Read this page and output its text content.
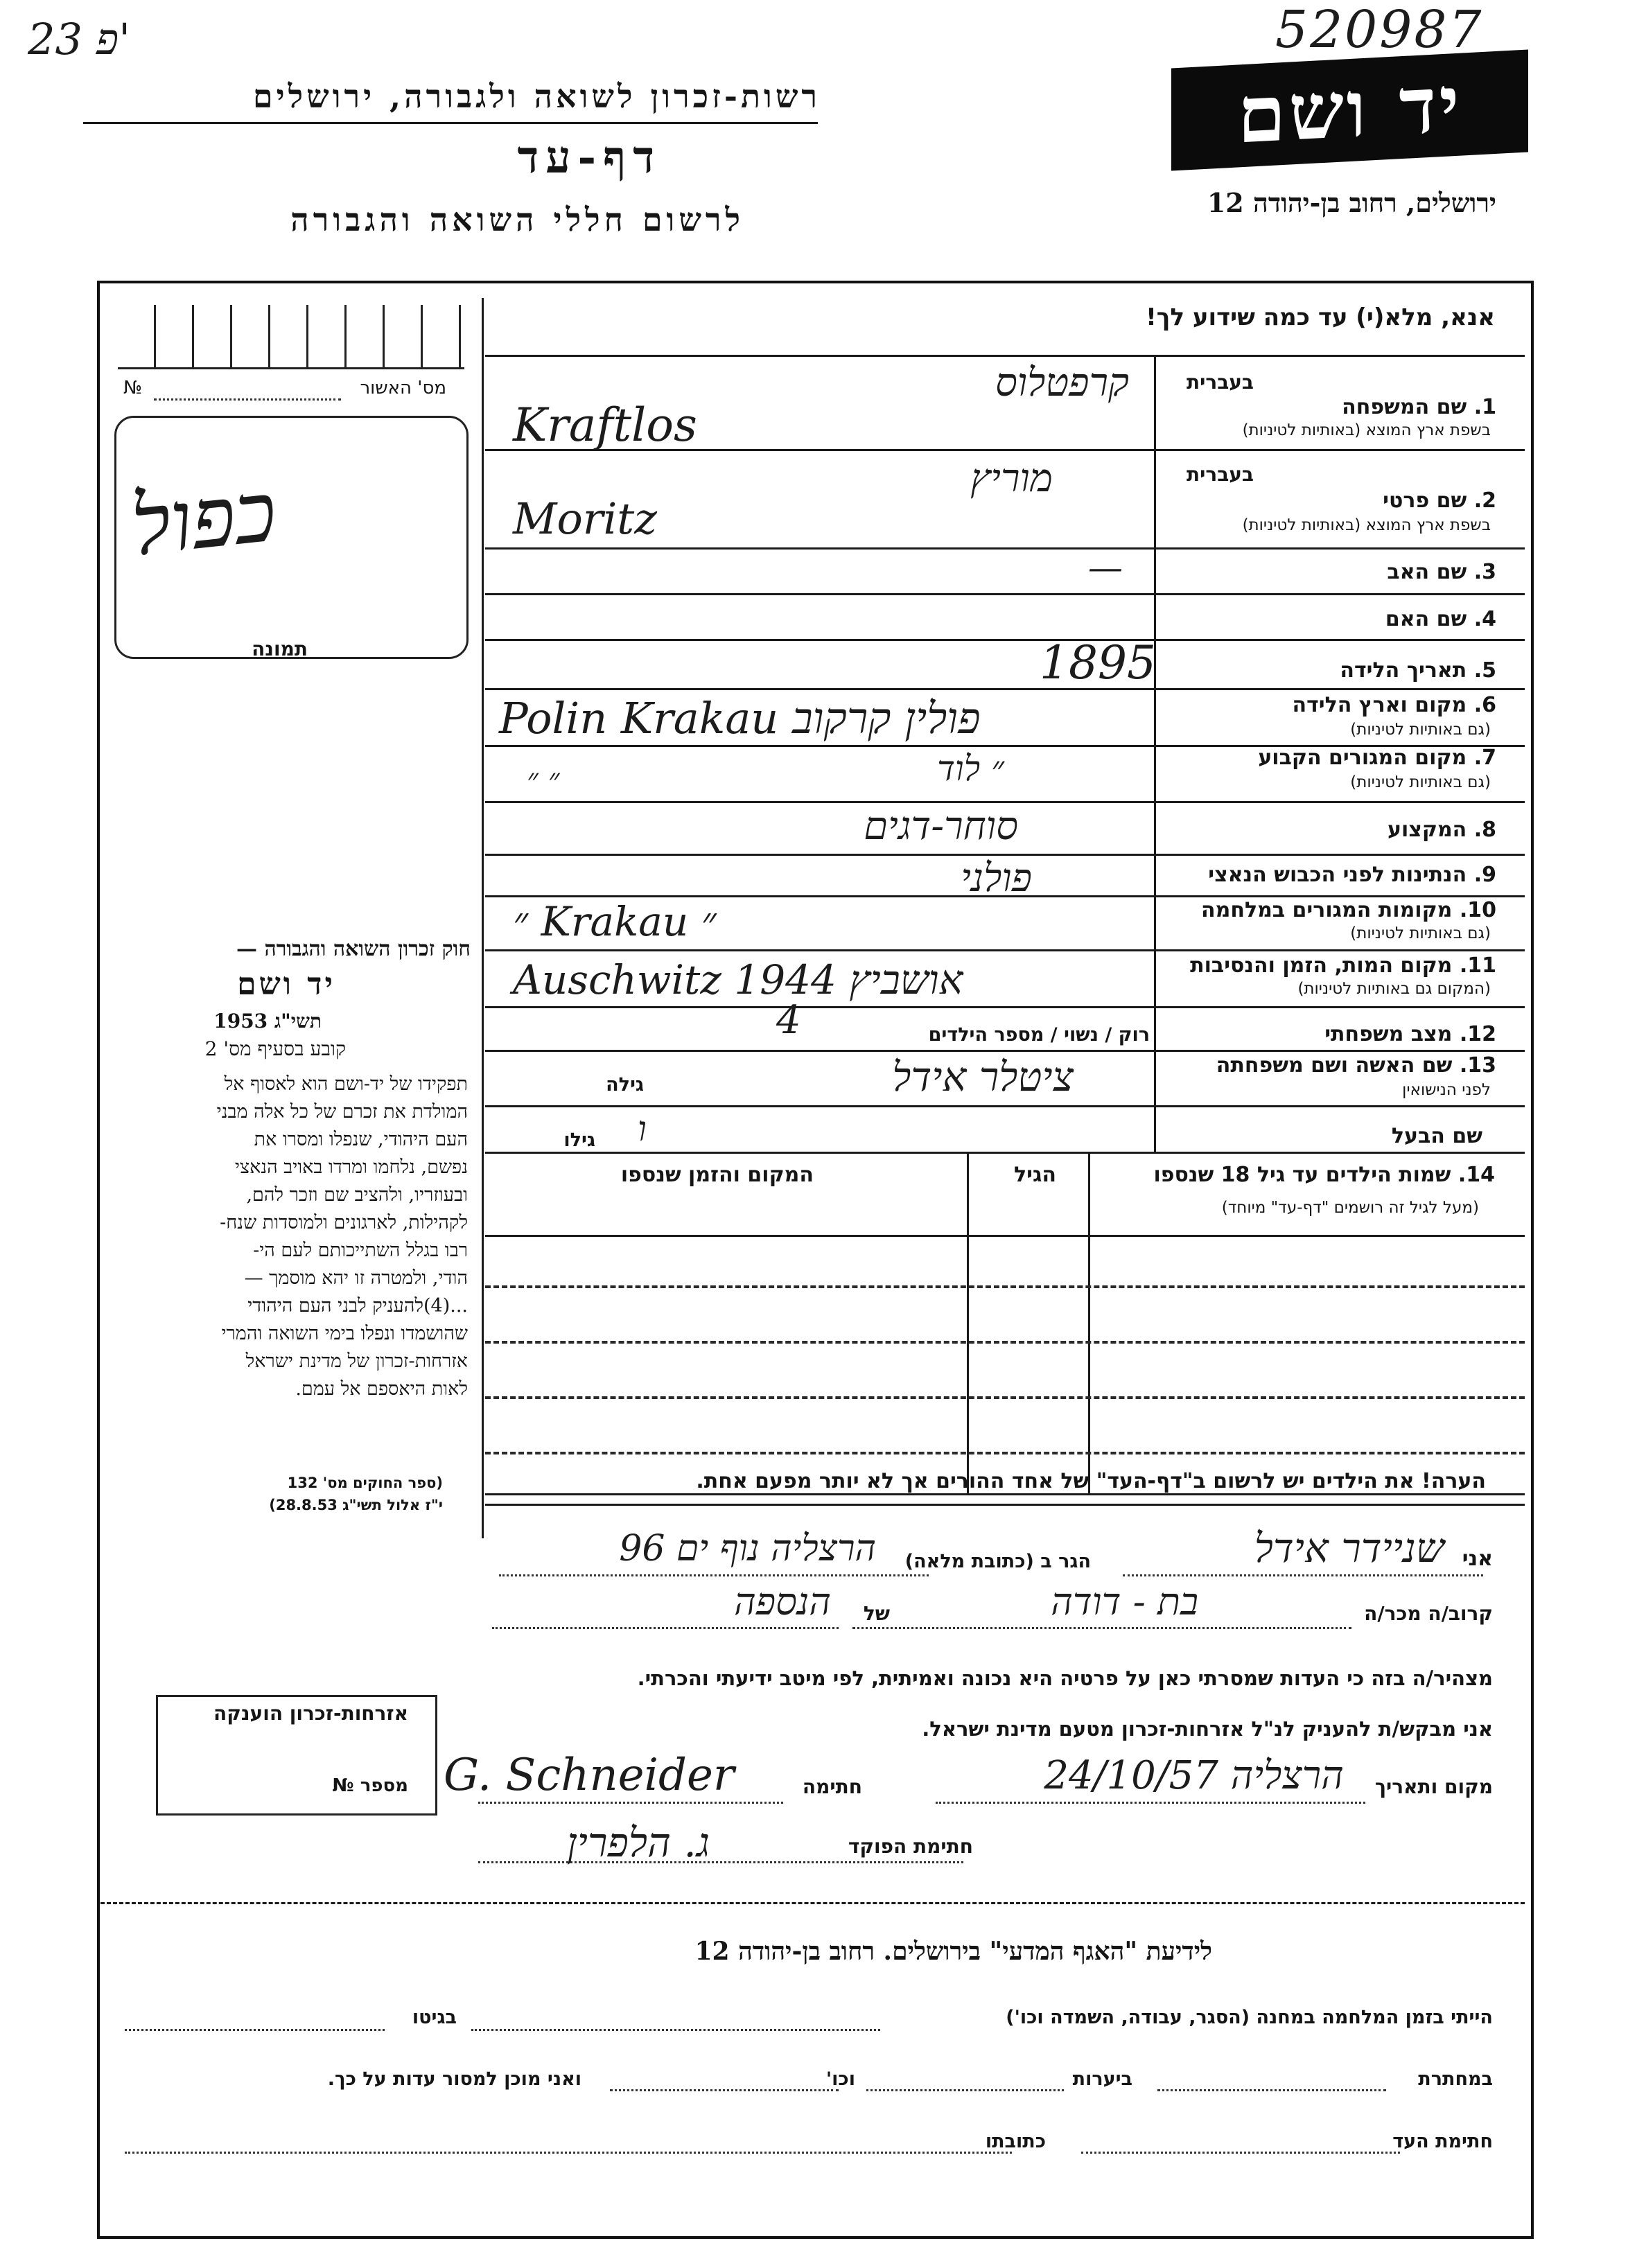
23 פ'	520987
רשות-זכרון לשואה ולגבורה, ירושלים
דף-עד
לרשום חללי השואה והגבורה
יד ושם
ירושלים, רחוב בן-יהודה 12
אנא, מלא(י) עד כמה שידוע לך!
מס' האשור
№
כפול
תמונה
חוק זכרון השואה והגבורה —
יד ושם
תשי"ג 1953
קובע בסעיף מס' 2
תפקידו של יד-ושם הוא לאסוף אל
המולדת את זכרם של כל אלה מבני
העם היהודי, שנפלו ומסרו את
נפשם, נלחמו ומרדו באויב הנאצי
ובעוזריו, ולהציב שם וזכר להם,
לקהילות, לארגונים ולמוסדות שנח-
רבו בגלל השתייכותם לעם הי-
הודי, ולמטרה זו יהא מוסמך —
...(4)להעניק לבני העם היהודי
שהושמדו ונפלו בימי השואה והמרי
אזרחות-זכרון של מדינת ישראל
לאות היאספם אל עמם.
(ספר החוקים מס' 132
י"ז אלול תשי"ג 28.8.53)
בעברית
1. שם המשפחה
בשפת ארץ המוצא (באותיות לטיניות)
קרפטלוס
Kraftlos
בעברית
2. שם פרטי
בשפת ארץ המוצא (באותיות לטיניות)
מוריץ
Moritz
3. שם האב
—
4. שם האם
5. תאריך הלידה
1895
6. מקום וארץ הלידה
(גם באותיות לטיניות)
Polin Krakau פולין קרקוב
7. מקום המגורים הקבוע
(גם באותיות לטיניות)
״ ״	״ לוד
8. המקצוע
סוחר-דגים
9. הנתינות לפני הכבוש הנאצי
פולני
10. מקומות המגורים במלחמה
(גם באותיות לטיניות)
״ Krakau ״
11. מקום המות, הזמן והנסיבות
(המקום גם באותיות לטיניות)
Auschwitz 1944 אושביץ
12. מצב משפחתי
רוק / נשוי / מספר הילדים
4
13. שם האשה ושם משפחתה
לפני הנישואין
גילה	ציטלר אידל
שם הבעל
גילו ו
14. שמות הילדים עד גיל 18 שנספו
(מעל לגיל זה רושמים "דף-עד" מיוחד)
הגיל
המקום והזמן שנספו
הערה! את הילדים יש לרשום ב"דף-העד" של אחד ההורים אך לא יותר מפעם אחת.
אזרחות-זכרון הוענקה
מספר №
אני
שניידר אידל
הגר ב (כתובת מלאה)
הרצליה נוף ים 96
קרוב/ה מכר/ה
בת - דודה
של
הנספה
מצהיר/ה בזה כי העדות שמסרתי כאן על פרטיה היא נכונה ואמיתית, לפי מיטב ידיעתי והכרתי.
אני מבקש/ת להעניק לנ"ל אזרחות-זכרון מטעם מדינת ישראל.
מקום ותאריך
הרצליה 24/10/57
חתימה
G. Schneider
חתימת הפוקד
ג. הלפרין
לידיעת "האגף המדעי" בירושלים. רחוב בן-יהודה 12
הייתי בזמן המלחמה במחנה (הסגר, עבודה, השמדה וכו')
בגיטו
במחתרת
ביערות
וכו'
ואני מוכן למסור עדות על כך.
חתימת העד
כתובתו
